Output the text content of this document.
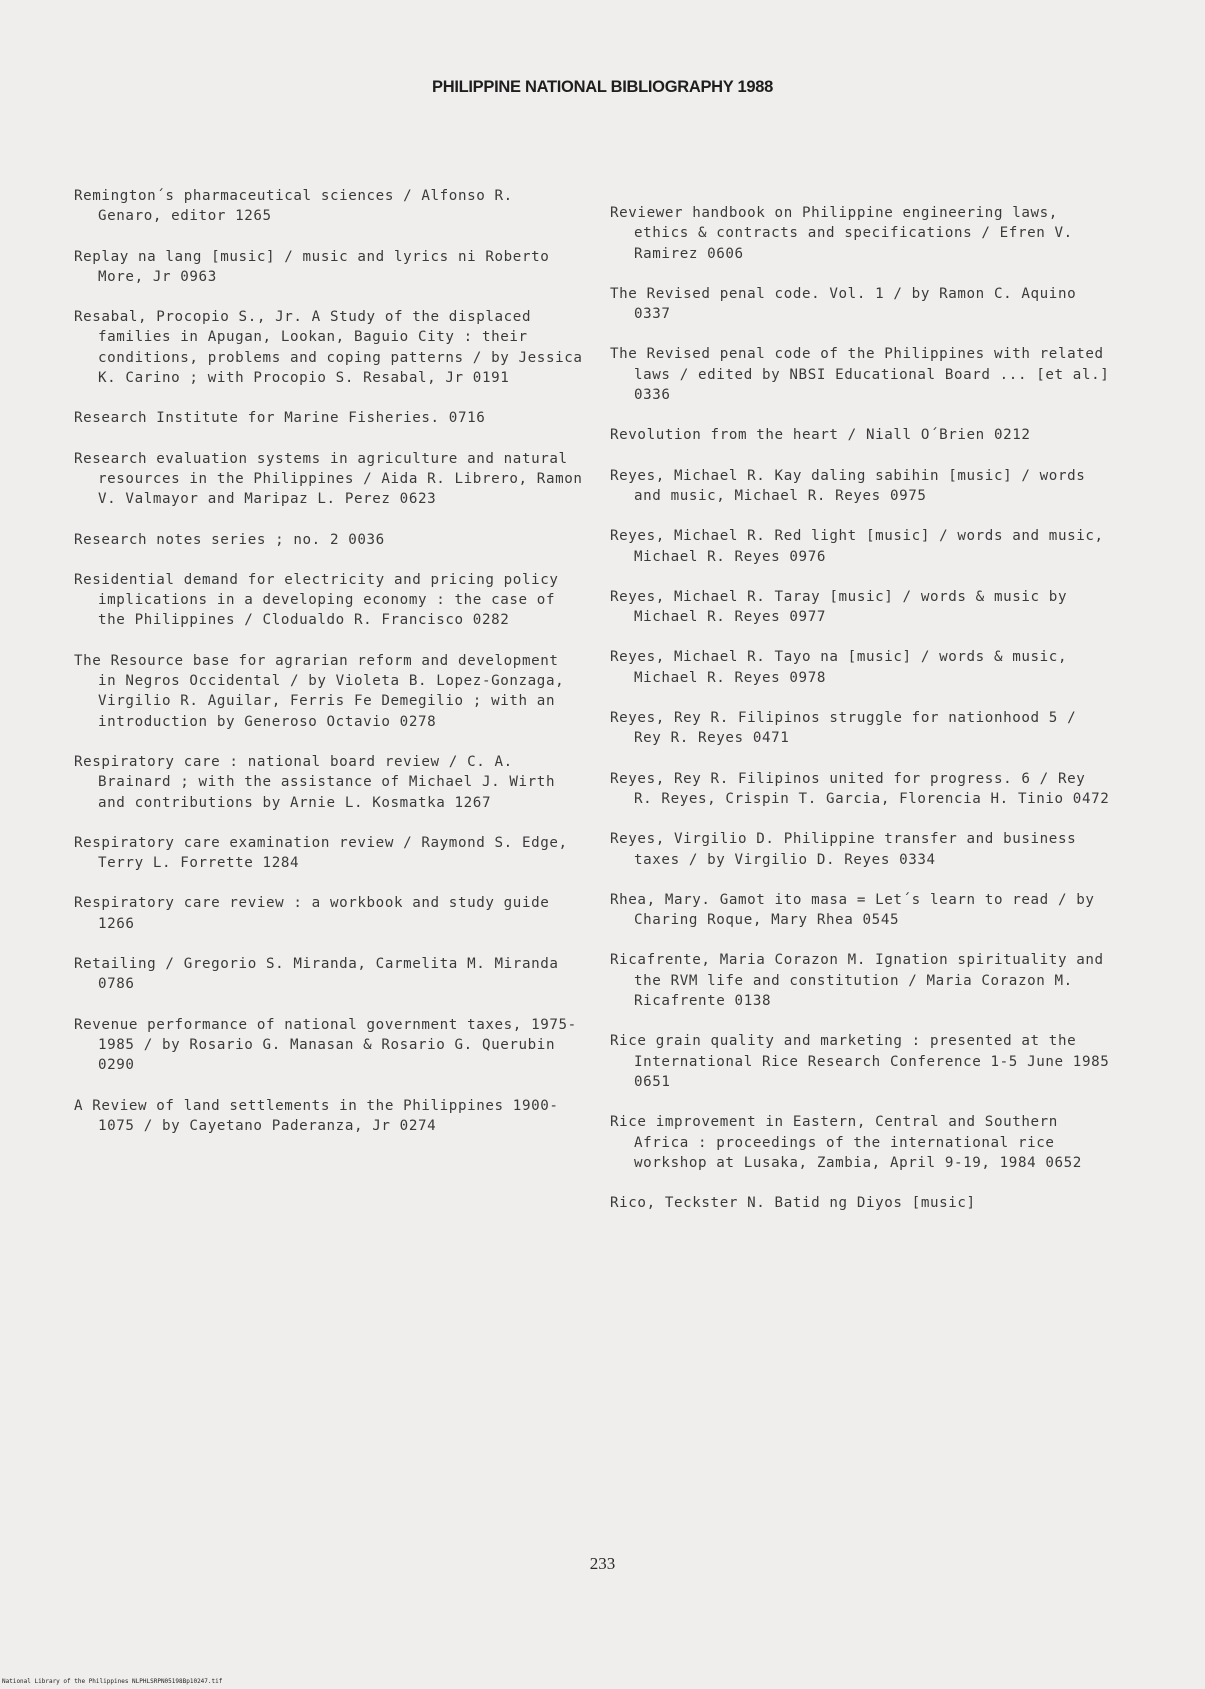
PHILIPPINE NATIONAL BIBLIOGRAPHY 1988

Remington´s pharmaceutical sciences / Alfonso R. Genaro, editor 1265

Replay na lang [music] / music and lyrics ni Roberto More, Jr 0963

Resabal, Procopio S., Jr. A Study of the displaced families in Apugan, Lookan, Baguio City : their conditions, problems and coping patterns / by Jessica K. Carino ; with Procopio S. Resabal, Jr 0191

Research Institute for Marine Fisheries. 0716

Research evaluation systems in agriculture and natural resources in the Philippines / Aida R. Librero, Ramon V. Valmayor and Maripaz L. Perez 0623

Research notes series ; no. 2 0036

Residential demand for electricity and pricing policy implications in a developing economy : the case of the Philippines / Clodualdo R. Francisco 0282

The Resource base for agrarian reform and development in Negros Occidental / by Violeta B. Lopez-Gonzaga, Virgilio R. Aguilar, Ferris Fe Demegilio ; with an introduction by Generoso Octavio 0278

Respiratory care : national board review / C. A. Brainard ; with the assistance of Michael J. Wirth and contributions by Arnie L. Kosmatka 1267

Respiratory care examination review / Raymond S. Edge, Terry L. Forrette 1284

Respiratory care review : a workbook and study guide 1266

Retailing / Gregorio S. Miranda, Carmelita M. Miranda 0786

Revenue performance of national government taxes, 1975-1985 / by Rosario G. Manasan & Rosario G. Querubin 0290

A Review of land settlements in the Philippines 1900-1075 / by Cayetano Paderanza, Jr 0274

Reviewer handbook on Philippine engineering laws, ethics & contracts and specifications / Efren V. Ramirez 0606

The Revised penal code. Vol. 1 / by Ramon C. Aquino 0337

The Revised penal code of the Philippines with related laws / edited by NBSI Educational Board ... [et al.] 0336

Revolution from the heart / Niall O´Brien 0212

Reyes, Michael R. Kay daling sabihin [music] / words and music, Michael R. Reyes 0975

Reyes, Michael R. Red light [music] / words and music, Michael R. Reyes 0976

Reyes, Michael R. Taray [music] / words & music by Michael R. Reyes 0977

Reyes, Michael R. Tayo na [music] / words & music, Michael R. Reyes 0978

Reyes, Rey R. Filipinos struggle for nationhood 5 / Rey R. Reyes 0471

Reyes, Rey R. Filipinos united for progress. 6 / Rey R. Reyes, Crispin T. Garcia, Florencia H. Tinio 0472

Reyes, Virgilio D. Philippine transfer and business taxes / by Virgilio D. Reyes 0334

Rhea, Mary. Gamot ito masa = Let´s learn to read / by Charing Roque, Mary Rhea 0545

Ricafrente, Maria Corazon M. Ignation spirituality and the RVM life and constitution / Maria Corazon M. Ricafrente 0138

Rice grain quality and marketing : presented at the International Rice Research Conference 1-5 June 1985 0651

Rice improvement in Eastern, Central and Southern Africa : proceedings of the international rice workshop at Lusaka, Zambia, April 9-19, 1984 0652

Rico, Teckster N. Batid ng Diyos [music]

233
National Library of the Philippines NLPHLSRPN05198Bp10247.tif
